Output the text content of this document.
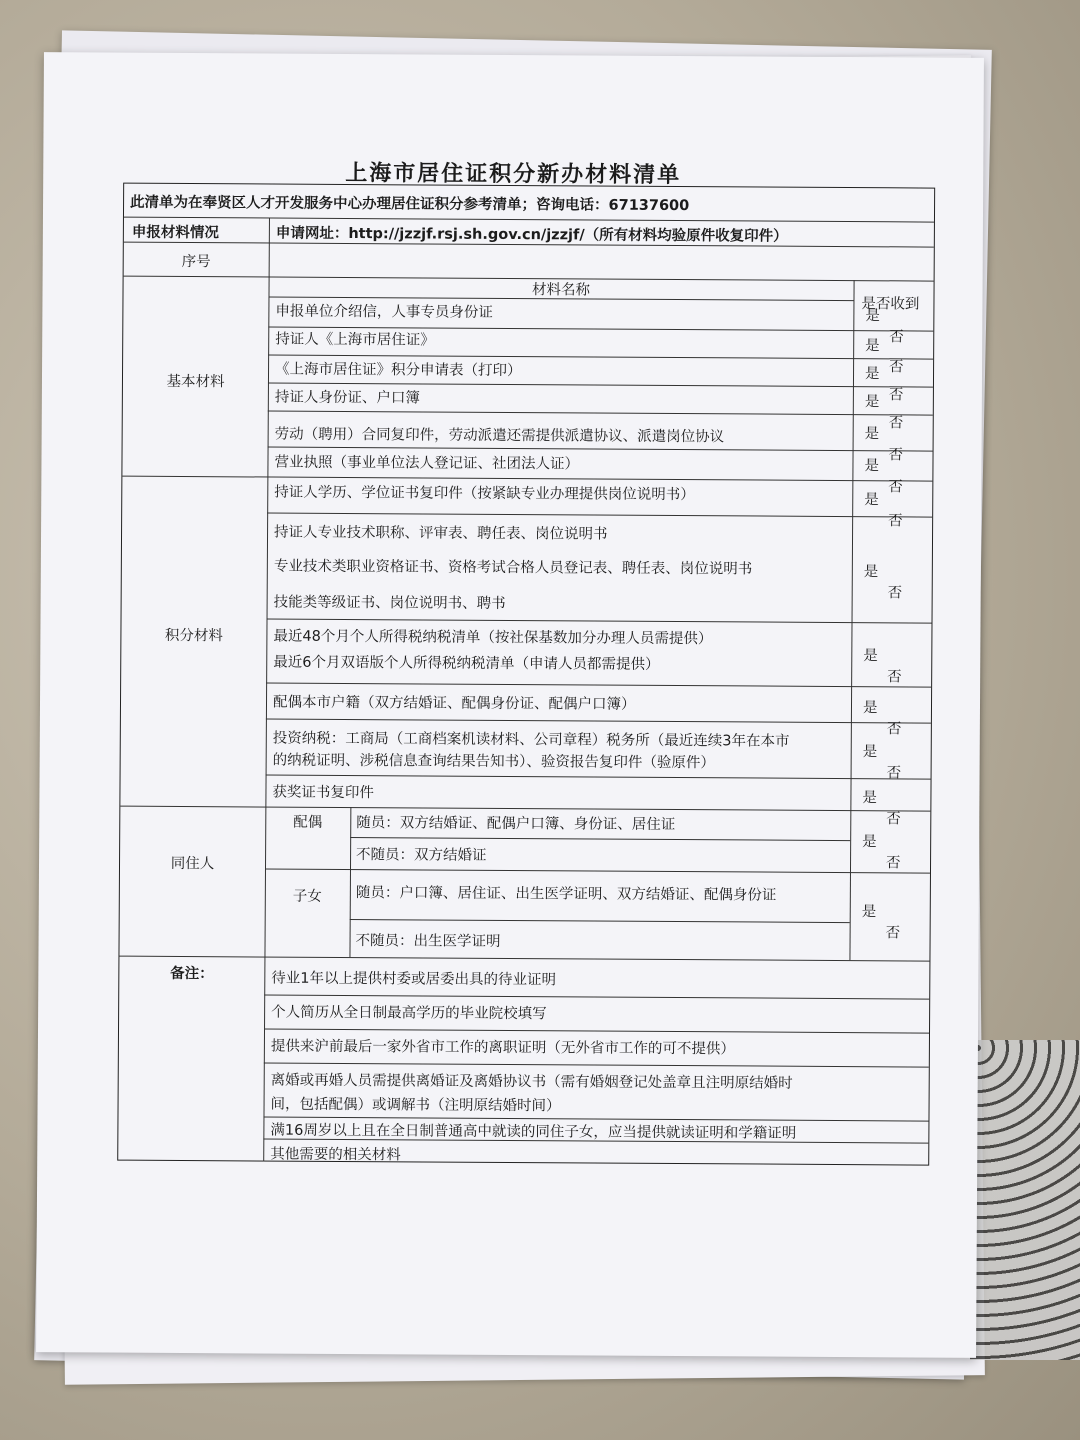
上海市居住证积分新办材料清单
此清单为在奉贤区人才开发服务中心办理居住证积分参考清单；咨询电话：67137600
申报材料情况	申请网址：http://jzzjf.rsj.sh.gov.cn/jzzjf/（所有材料均验原件收复印件）
序号
材料名称
是否收到
基本材料
积分材料
同住人
配偶
子女
备注：
申报单位介绍信，人事专员身份证
持证人《上海市居住证》
《上海市居住证》积分申请表（打印）
持证人身份证、户口簿
劳动（聘用）合同复印件，劳动派遣还需提供派遣协议、派遣岗位协议
营业执照（事业单位法人登记证、社团法人证）
持证人学历、学位证书复印件（按紧缺专业办理提供岗位说明书）
持证人专业技术职称、评审表、聘任表、岗位说明书
专业技术类职业资格证书、资格考试合格人员登记表、聘任表、岗位说明书
技能类等级证书、岗位说明书、聘书
最近48个月个人所得税纳税清单（按社保基数加分办理人员需提供）
最近6个月双语版个人所得税纳税清单（申请人员都需提供）
配偶本市户籍（双方结婚证、配偶身份证、配偶户口簿）
投资纳税：工商局（工商档案机读材料、公司章程）税务所（最近连续3年在本市
的纳税证明、涉税信息查询结果告知书）、验资报告复印件（验原件）
获奖证书复印件
随员：双方结婚证、配偶户口簿、身份证、居住证
不随员：双方结婚证
随员：户口簿、居住证、出生医学证明、双方结婚证、配偶身份证
不随员：出生医学证明
待业1年以上提供村委或居委出具的待业证明
个人简历从全日制最高学历的毕业院校填写
提供来沪前最后一家外省市工作的离职证明（无外省市工作的可不提供）
离婚或再婚人员需提供离婚证及离婚协议书（需有婚姻登记处盖章且注明原结婚时
间，包括配偶）或调解书（注明原结婚时间）
满16周岁以上且在全日制普通高中就读的同住子女，应当提供就读证明和学籍证明
其他需要的相关材料
是否
是否
是否
是否
是否
是否
是否
是否
是否
是否
是否
是否
是否
是否
